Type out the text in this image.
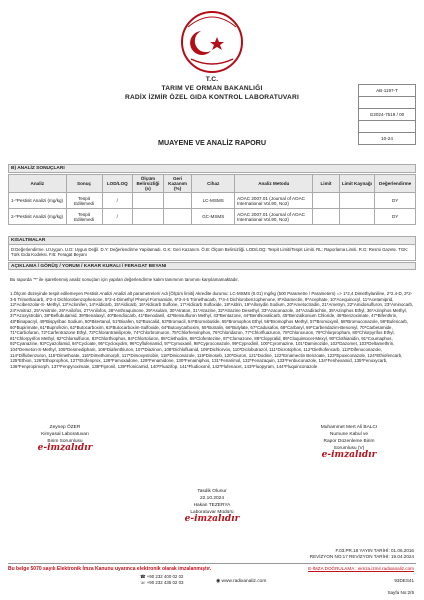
T.C.
TARIM VE ORMAN BAKANLIĞI
RADİX İZMİR ÖZEL GIDA KONTROL LABORATUVARI
AB-1197-T
G2024-7519 / 00
10-24
MUAYENE VE ANALİZ RAPORU
B) ANALİZ SONUÇLARI
Analiz	Sonuç	LOD/LOQ	Ölçüm Belirsizliği (±)	Geri Kazanım (%)	Cihaz	Analiz Metodu	Limit	Limit Kaynağı	Değerlendirme
1-*Pestisit Analizi (mg/kg)	Tespit Edilemedi	/			LC-MSMS	AOAC 2007.01 (Journal of AOAC International Vol.90, No2)			DY
2-*Pestisit Analizi (mg/kg)	Tespit Edilemedi	/			GC-MSMS	AOAC 2007.01 (Journal of AOAC International Vol.90, No2)			DY
KISALTMALAR
D:Değerlendirme. U:Uygun. U.D: Uygun Değil. D.Y: Değerlendirme Yapılamadı. G.K: Geri Kazanım. Ö.B: Ölçüm Belirsizliği. LOD/LOQ: Tespit Limiti/Tespit Limiti. RL: Raporlama Limiti. R.G: Resmi Gazete. TGK: Türk Gıda Kodeksi. F.B: Feragat Beyanı
AÇIKLAMA / GÖRÜŞ / YORUM / KARAR KURALI / FERAGAT BEYANI
Bu raporda "*" ile işaretlenmiş analiz sonuçları için yapılan değerlendirme kalım tanımının tanımını karşılamamaktadır.
1.Ölçüm düzeyinde tespit edilemeyen Pestisit Analizi Analizi alt parametreleri/ Adı [Ölçüm limiti] Akredite durumu: LC-MSMS (0.01) mg/kg (500 Parametre / Parameters) => 1*2,4 Dimethylaniline, 2*2.4-D, 3*2-3-5 Trimethacarb, 4*2-4 Dichlorobenzophenone, 5*2-4-Dimethyl Phenyl Formamide, 6*3-4-5 Trimethacarb, 7*4-4 Dichlorobenzophenone, 8*Abamectin, 9*Acephate, 10*Acequinocyl, 11*Acetamiprid, 12*Acibenzolar-S- Methyl, 13*Aclonifen, 14*Aldicarb, 15*Aldicarb, 16*Aldicarb Sulfone, 17*Aldicarb Sulfoxide, 18*Aldrin, 19*Allosydin Sodium, 20*Ametoctradin, 21*Ametryn, 22*Amidosulfuron, 23*Aminocarb, 24*Amitraz, 25*Amitrole, 26*Anilofos, 27*Anilofos, 28*Anthraquinone, 29*Asulam, 30*Atraton, 31*Atrazine, 32*Atrazine Desethyl, 33*Azaconazole, 34*Azadirachtin, 35*Azinphos Ethyl, 36*Azinphos Methyl, 37*Azoxystrobin, 38*Beflubutamid, 39*Benalaxyl, 40*Bendiocarb, 41*Benodanil, 42*Bensulfuron Methyl, 43*Bentazone, 44*Benthiovalicarb, 45*Benzalkonium Chloride, 46*Benzoximate, 47*Bifenthrin, 48*Binapacryl, 49*Bispyribac Sodium, 50*Bitertanol, 51*Bixafen, 52*Boscalid, 53*Bromacil, 54*Bromobutide, 55*Bromophos Ethyl, 56*Bromophos Methyl, 57*Bromoxynil, 58*Bromuconazole, 59*Bufencarb, 60*Bupirimate, 61*Buprofezin, 62*Butocarboxim, 63*Butocarboxim-Sulfoxide, 64*Butoxycarboxim, 65*Butralin, 66*Butylate, 67*Cadusafos, 68*Carbaryl, 69*Carbendazim-Benomyl, 70*Carbetamide, 71*Carbofuran, 72*Carfentrazone Ethyl, 73*Chlorantraniliprole, 74*Chlorbromuron, 75*Chlorfenvinphos, 76*Chloridazon, 77*Chlorfluazuron, 78*Chloroxuron, 79*Chlorpropham, 80*Chlorpyrifos Ethyl, 81*Chlorpyrifos Methyl, 82*Chlorsulfuron, 83*Chlorthiophos, 84*Chlortoluron, 85*Clethodim, 86*Clofentezine, 87*Clomazone, 88*Clopyralid, 89*Cloquintocet-Mexyl, 90*Clothianidin, 91*Coumaphos, 92*Cyanazine, 93*Cyazofamid, 94*Cycloate, 95*Cycloxydim, 96*Cyflufenamid, 97*Cymoxanil, 98*Cyproconazole, 99*Cyprodinil, 100*Cyromazine, 101*Daminozide, 102*Dazomet, 103*Deltamethrin, 104*Demeton-S-Methyl, 105*Desmedipham, 106*Diafenthiuron, 107*Diazinon, 108*Dichlofluanid, 109*Dichlorvos, 110*Diclobutrazol, 111*Dicrotophos, 112*Diethofencarb, 113*Difenoconazole, 114*Diflubenzuron, 115*Dimethoate, 116*Dimethomorph, 117*Dimoxystrobin, 118*Diniconazole, 119*Dinoseb, 120*Diuron, 121*Dodine, 122*Emamectin Benzoate, 123*Epoxiconazole, 124*Ethiofencarb, 125*Ethion, 126*Ethoprophos, 127*Etofenprox, 128*Famoxadone, 129*Fenamidone, 130*Fenamiphos, 131*Fenarimol, 132*Fenazaquin, 133*Fenbuconazole, 134*Fenhexamid, 135*Fenoxycarb, 136*Fenpropimorph, 137*Fenpyroximate, 138*Fipronil, 139*Flonicamid, 140*Fluazifop, 141*Fludioxonil, 142*Flufenacet, 143*Fluopyram, 144*Fluquinconazole
Zeynep ÖZER
Kimyasal Laboratuvarı
Birim Sorumlusu
e-imzalıdır
Muhammet Mert Ali BALCI
Numune Kabul ve
Rapor Düzenleme Birim
Sorumlusu (V)
e-imzalıdır
Tasdik Olunur
22.10.2024
Hakan TEZERYA
Laboratuvar Müdürü
e-imzalıdır
F.03.PR.18 YAYIN TARİHİ: 01.06.2016
REVİZYON NO:17 REVİZYON TARİHİ: 19.04.2024
Bu belge 5070 sayılı Elektronik İmza Kanunu uyarınca elektronik olarak imzalanmıştır.	E-İMZA DOĞRULAMA : eimza.izmir.radixanaliz.com
☎ +90 232 400 02 02
☏ +90 232 435 02 03	◉ www.radixanaliz.com	93DES41
Sayfa No:2/5
